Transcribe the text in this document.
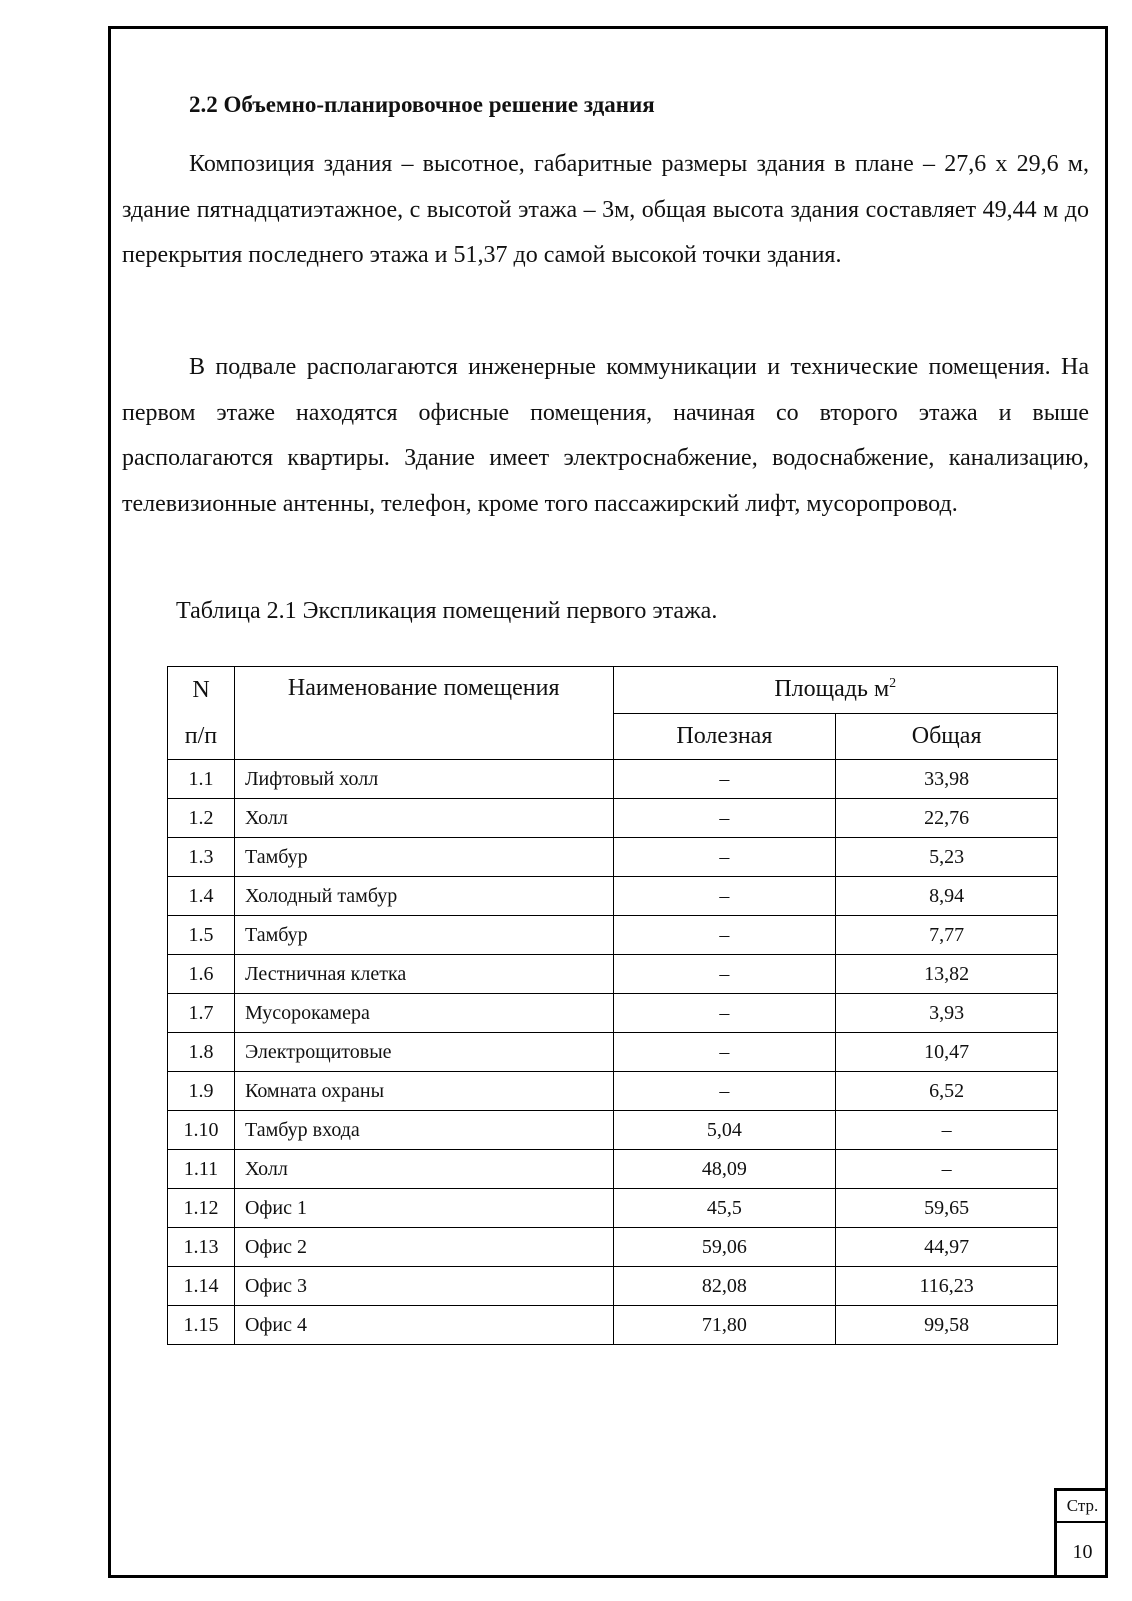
2.2 Объемно-планировочное решение здания

Композиция здания – высотное, габаритные размеры здания в плане – 27,6 х 29,6 м, здание пятнадцатиэтажное, с высотой этажа – 3м, общая высота здания составляет 49,44 м до перекрытия последнего этажа и 51,37 до самой высокой точки здания.

В подвале располагаются инженерные коммуникации и технические помещения. На первом этаже находятся офисные помещения, начиная со второго этажа и выше располагаются квартиры. Здание имеет электроснабжение, водоснабжение, канализацию, телевизионные антенны, телефон, кроме того пассажирский лифт, мусоропровод.

Таблица 2.1 Экспликация помещений первого этажа.

N
п/п	Наименование помещения	Площадь $м^2$
		Полезная	Общая
1.1	Лифтовый холл	–	33,98
1.2	Холл	–	22,76
1.3	Тамбур	–	5,23
1.4	Холодный тамбур	–	8,94
1.5	Тамбур	–	7,77
1.6	Лестничная клетка	–	13,82
1.7	Мусорокамера	–	3,93
1.8	Электрощитовые	–	10,47
1.9	Комната охраны	–	6,52
1.10	Тамбур входа	5,04	–
1.11	Холл	48,09	–
1.12	Офис 1	45,5	59,65
1.13	Офис 2	59,06	44,97
1.14	Офис 3	82,08	116,23
1.15	Офис 4	71,80	99,58
Стр.
10
